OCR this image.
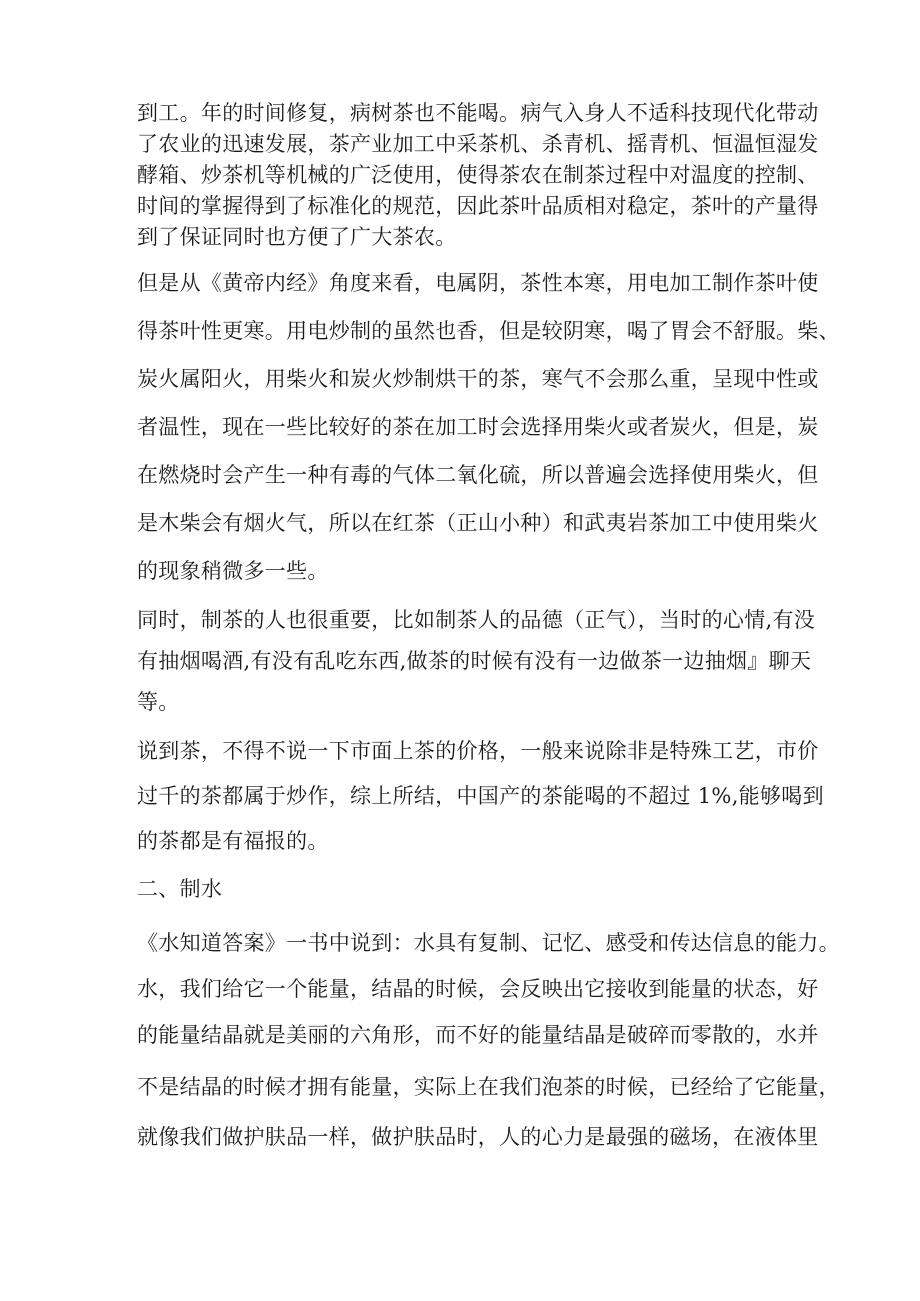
到工。年的时间修复，病树茶也不能喝。病气入身人不适科技现代化带动

了农业的迅速发展，茶产业加工中采茶机、杀青机、摇青机、恒温恒湿发

酵箱、炒茶机等机械的广泛使用，使得茶农在制茶过程中对温度的控制、

时间的掌握得到了标准化的规范，因此茶叶品质相对稳定，茶叶的产量得

到了保证同时也方便了广大茶农。

但是从《黄帝内经》角度来看，电属阴，茶性本寒，用电加工制作茶叶使

得茶叶性更寒。用电炒制的虽然也香，但是较阴寒，喝了胃会不舒服。柴、

炭火属阳火，用柴火和炭火炒制烘干的茶，寒气不会那么重，呈现中性或

者温性，现在一些比较好的茶在加工时会选择用柴火或者炭火，但是，炭

在燃烧时会产生一种有毒的气体二氧化硫，所以普遍会选择使用柴火，但

是木柴会有烟火气，所以在红茶（正山小种）和武夷岩茶加工中使用柴火

的现象稍微多一些。

同时，制茶的人也很重要，比如制茶人的品德（正气），当时的心情,有没

有抽烟喝酒,有没有乱吃东西,做茶的时候有没有一边做茶一边抽烟』聊天

等。

说到茶，不得不说一下市面上茶的价格，一般来说除非是特殊工艺，市价

过千的茶都属于炒作，综上所结，中国产的茶能喝的不超过 1%,能够喝到

的茶都是有福报的。

二、制水

《水知道答案》一书中说到：水具有复制、记忆、感受和传达信息的能力。

水，我们给它一个能量，结晶的时候，会反映出它接收到能量的状态，好

的能量结晶就是美丽的六角形，而不好的能量结晶是破碎而零散的，水并

不是结晶的时候才拥有能量，实际上在我们泡茶的时候，已经给了它能量，

就像我们做护肤品一样，做护肤品时，人的心力是最强的磁场，在液体里
